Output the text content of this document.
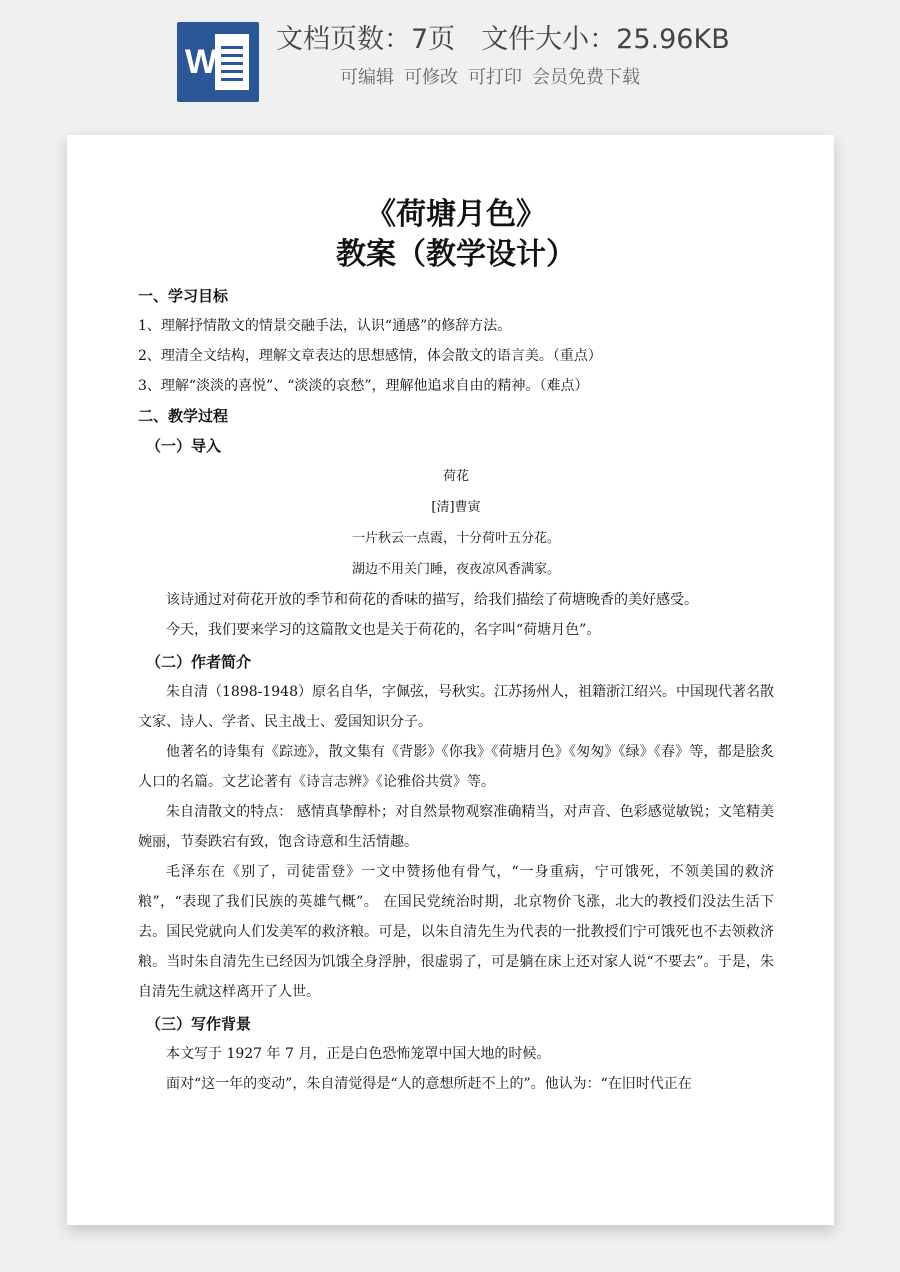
W
文档页数：7页 文件大小：25.96KB
可编辑 可修改 可打印 会员免费下载

《荷塘月色》

教案（教学设计）

一、学习目标

1、理解抒情散文的情景交融手法，认识“通感”的修辞方法。

2、理清全文结构，理解文章表达的思想感情，体会散文的语言美。（重点）

3、理解“淡淡的喜悦”、“淡淡的哀愁”，理解他追求自由的精神。（难点）

二、教学过程

（一）导入

荷花

[清]曹寅

一片秋云一点霞，十分荷叶五分花。

湖边不用关门睡，夜夜凉风香满家。

该诗通过对荷花开放的季节和荷花的香味的描写，给我们描绘了荷塘晚香的美好感受。

今天，我们要来学习的这篇散文也是关于荷花的，名字叫“荷塘月色”。

（二）作者简介

朱自清（1898-1948）原名自华，字佩弦，号秋实。江苏扬州人，祖籍浙江绍兴。中国现代著名散文家、诗人、学者、民主战士、爱国知识分子。

他著名的诗集有《踪迹》，散文集有《背影》《你我》《荷塘月色》《匆匆》《绿》《春》等，都是脍炙人口的名篇。文艺论著有《诗言志辨》《论雅俗共赏》等。

朱自清散文的特点： 感情真挚醇朴；对自然景物观察准确精当，对声音、色彩感觉敏锐；文笔精美婉丽，节奏跌宕有致，饱含诗意和生活情趣。

毛泽东在《别了，司徒雷登》一文中赞扬他有骨气，“一身重病，宁可饿死，不领美国的救济粮”，“表现了我们民族的英雄气概”。 在国民党统治时期，北京物价飞涨，北大的教授们没法生活下去。国民党就向人们发美军的救济粮。可是，以朱自清先生为代表的一批教授们宁可饿死也不去领救济粮。当时朱自清先生已经因为饥饿全身浮肿，很虚弱了，可是躺在床上还对家人说“不要去”。于是，朱自清先生就这样离开了人世。

（三）写作背景

本文写于 1927 年 7 月，正是白色恐怖笼罩中国大地的时候。

面对“这一年的变动”，朱自清觉得是“人的意想所赶不上的”。他认为：“在旧时代正在
